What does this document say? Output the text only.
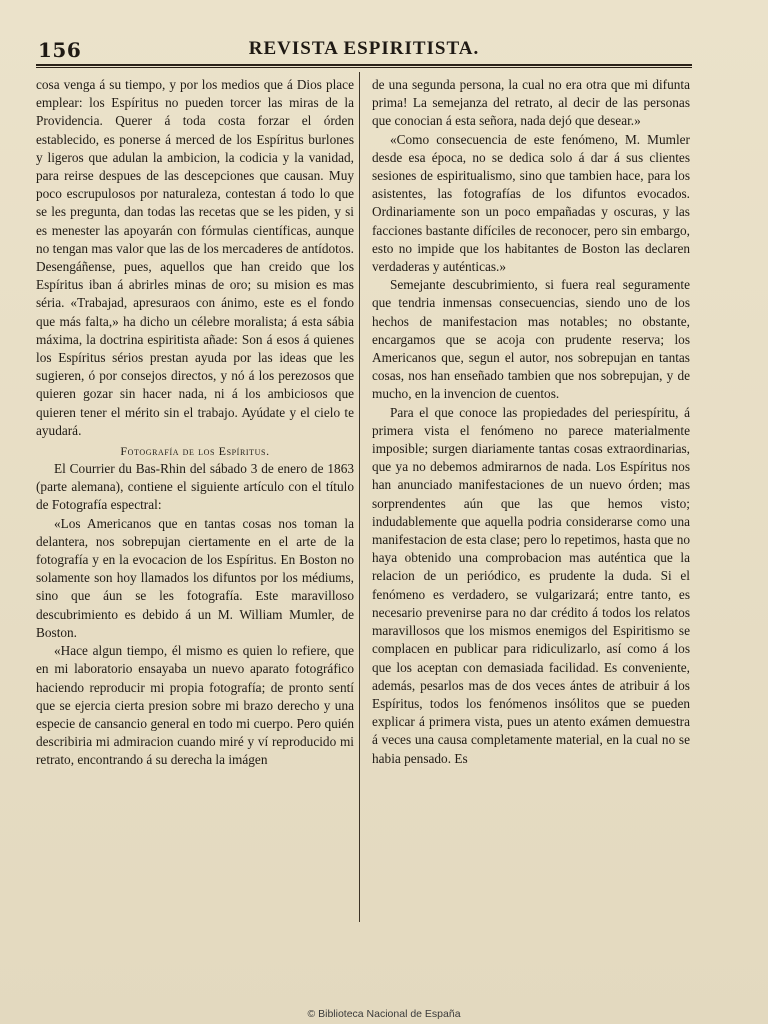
156	REVISTA ESPIRITISTA.

cosa venga á su tiempo, y por los medios que á Dios place emplear: los Espíritus no pueden torcer las miras de la Providencia. Querer á toda costa forzar el órden establecido, es ponerse á merced de los Espíritus burlones y ligeros que adulan la ambicion, la codicia y la vanidad, para reirse despues de las descepciones que causan. Muy poco escrupulosos por naturaleza, contestan á todo lo que se les pregunta, dan todas las recetas que se les piden, y si es menester las apoyarán con fórmulas científicas, aunque no tengan mas valor que las de los mercaderes de antídotos. Desengáñense, pues, aquellos que han creido que los Espíritus iban á abrirles minas de oro; su mision es mas séria. «Trabajad, apresuraos con ánimo, este es el fondo que más falta,» ha dicho un célebre moralista; á esta sábia máxima, la doctrina espiritista añade: Son á esos á quienes los Espíritus sérios prestan ayuda por las ideas que les sugieren, ó por consejos directos, y nó á los perezosos que quieren gozar sin hacer nada, ni á los ambiciosos que quieren tener el mérito sin el trabajo. Ayúdate y el cielo te ayudará.

Fotografía de los Espíritus.

El Courrier du Bas-Rhin del sábado 3 de enero de 1863 (parte alemana), contiene el siguiente artículo con el título de Fotografía espectral:

«Los Americanos que en tantas cosas nos toman la delantera, nos sobrepujan ciertamente en el arte de la fotografía y en la evocacion de los Espíritus. En Boston no solamente son hoy llamados los difuntos por los médiums, sino que áun se les fotografía. Este maravilloso descubrimiento es debido á un M. William Mumler, de Boston.

«Hace algun tiempo, él mismo es quien lo refiere, que en mi laboratorio ensayaba un nuevo aparato fotográfico haciendo reproducir mi propia fotografía; de pronto sentí que se ejercia cierta presion sobre mi brazo derecho y una especie de cansancio general en todo mi cuerpo. Pero quién describiria mi admiracion cuando miré y ví reproducido mi retrato, encontrando á su derecha la imágen

de una segunda persona, la cual no era otra que mi difunta prima! La semejanza del retrato, al decir de las personas que conocian á esta señora, nada dejó que desear.»

«Como consecuencia de este fenómeno, M. Mumler desde esa época, no se dedica solo á dar á sus clientes sesiones de espiritualismo, sino que tambien hace, para los asistentes, las fotografías de los difuntos evocados. Ordinariamente son un poco empañadas y oscuras, y las facciones bastante difíciles de reconocer, pero sin embargo, esto no impide que los habitantes de Boston las declaren verdaderas y auténticas.»

Semejante descubrimiento, si fuera real seguramente que tendria inmensas consecuencias, siendo uno de los hechos de manifestacion mas notables; no obstante, encargamos que se acoja con prudente reserva; los Americanos que, segun el autor, nos sobrepujan en tantas cosas, nos han enseñado tambien que nos sobrepujan, y de mucho, en la invencion de cuentos.

Para el que conoce las propiedades del periespíritu, á primera vista el fenómeno no parece materialmente imposible; surgen diariamente tantas cosas extraordinarias, que ya no debemos admirarnos de nada. Los Espíritus nos han anunciado manifestaciones de un nuevo órden; mas sorprendentes aún que las que hemos visto; indudablemente que aquella podria considerarse como una manifestacion de esta clase; pero lo repetimos, hasta que no haya obtenido una comprobacion mas auténtica que la relacion de un periódico, es prudente la duda. Si el fenómeno es verdadero, se vulgarizará; entre tanto, es necesario prevenirse para no dar crédito á todos los relatos maravillosos que los mismos enemigos del Espiritismo se complacen en publicar para ridiculizarlo, así como á los que los aceptan con demasiada facilidad. Es conveniente, además, pesarlos mas de dos veces ántes de atribuir á los Espíritus, todos los fenómenos insólitos que se pueden explicar á primera vista, pues un atento exámen demuestra á veces una causa completamente material, en la cual no se habia pensado. Es

© Biblioteca Nacional de España
